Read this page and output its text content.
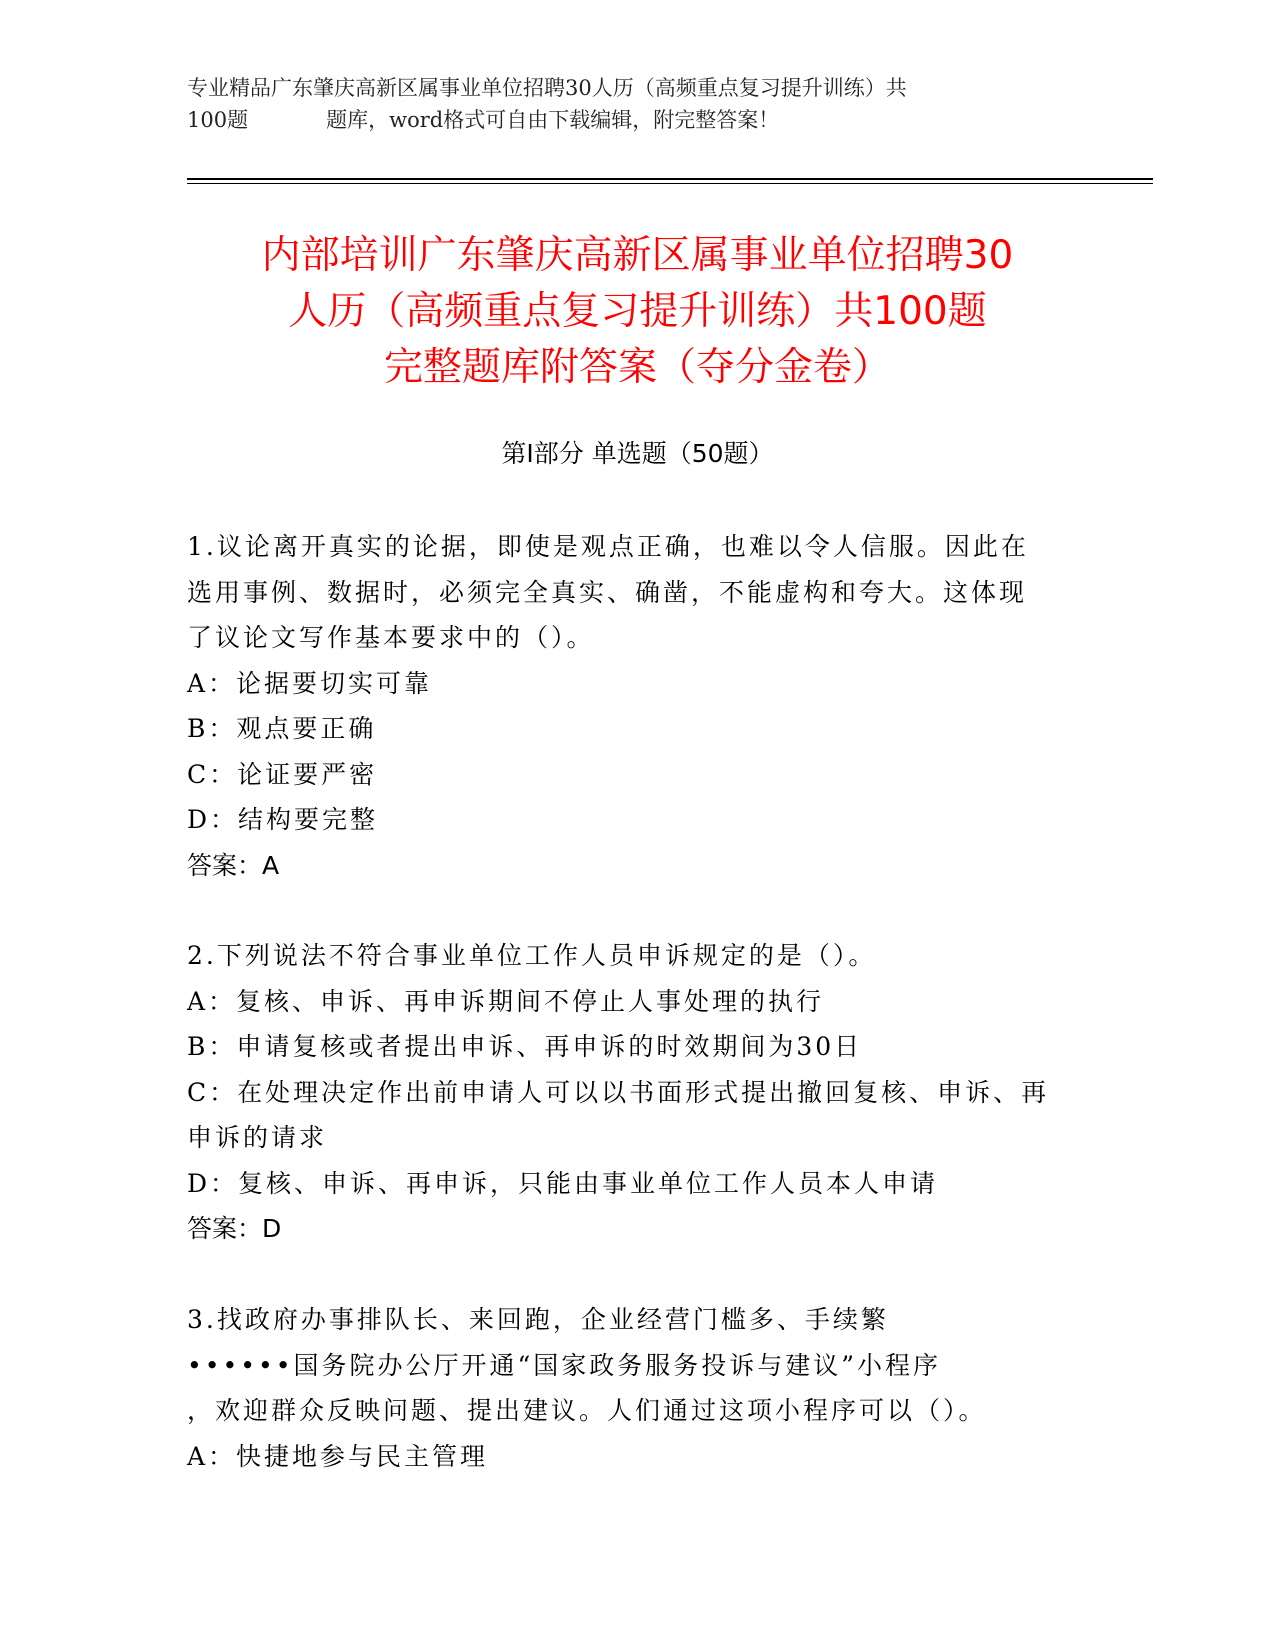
专业精品广东肇庆高新区属事业单位招聘30人历（高频重点复习提升训练）共
100题	题库，word格式可自由下载编辑，附完整答案！
内部培训广东肇庆高新区属事业单位招聘30
人历（高频重点复习提升训练）共100题
完整题库附答案（夺分金卷）
第I部分 单选题（50题）
1.议论离开真实的论据，即使是观点正确，也难以令人信服。因此在
选用事例、数据时，必须完全真实、确凿，不能虚构和夸大。这体现
了议论文写作基本要求中的（）。
A：论据要切实可靠
B：观点要正确
C：论证要严密
D：结构要完整
答案：A
2.下列说法不符合事业单位工作人员申诉规定的是（）。
A：复核、申诉、再申诉期间不停止人事处理的执行
B：申请复核或者提出申诉、再申诉的时效期间为30日
C：在处理决定作出前申请人可以以书面形式提出撤回复核、申诉、再
申诉的请求
D：复核、申诉、再申诉，只能由事业单位工作人员本人申请
答案：D
3.找政府办事排队长、来回跑，企业经营门槛多、手续繁
••••••国务院办公厅开通“国家政务服务投诉与建议”小程序
，欢迎群众反映问题、提出建议。人们通过这项小程序可以（）。
A：快捷地参与民主管理
